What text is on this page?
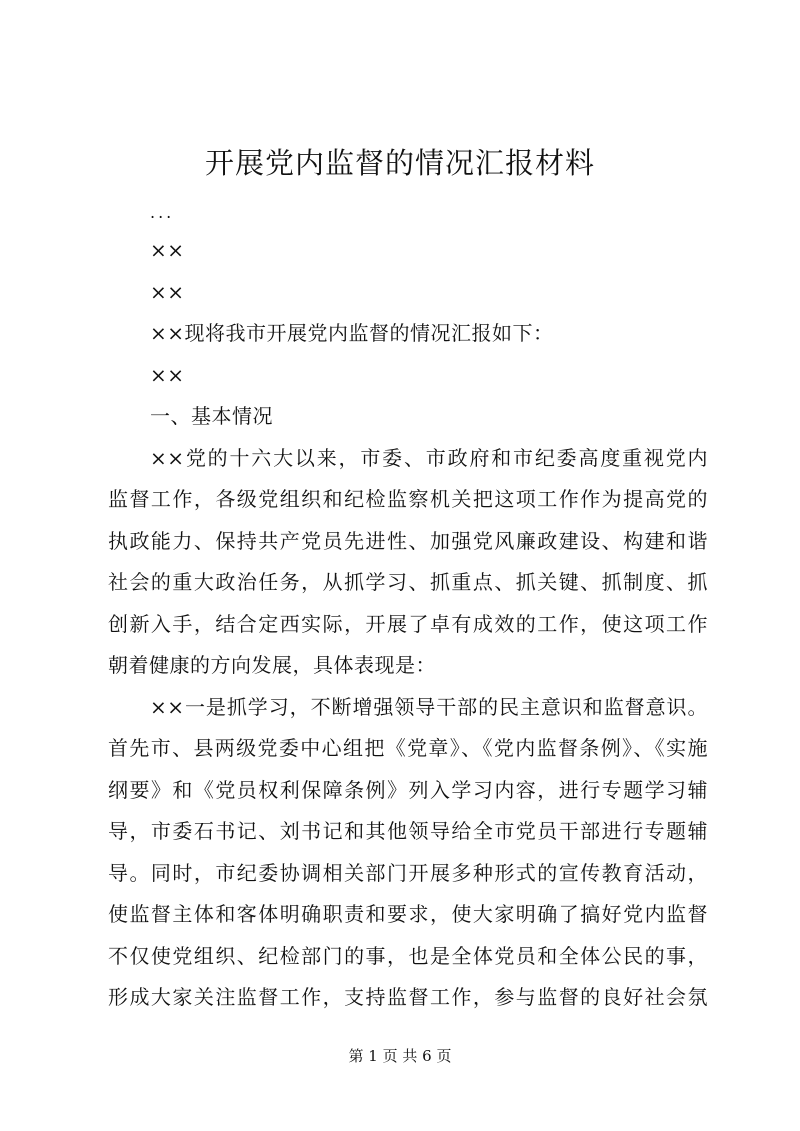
开展党内监督的情况汇报材料

...

××

××

××现将我市开展党内监督的情况汇报如下：

××

一、基本情况

××党的十六大以来，市委、市政府和市纪委高度重视党内

监督工作，各级党组织和纪检监察机关把这项工作作为提高党的

执政能力、保持共产党员先进性、加强党风廉政建设、构建和谐

社会的重大政治任务，从抓学习、抓重点、抓关键、抓制度、抓

创新入手，结合定西实际，开展了卓有成效的工作，使这项工作

朝着健康的方向发展，具体表现是：

××一是抓学习，不断增强领导干部的民主意识和监督意识。

首先市、县两级党委中心组把《党章》、《党内监督条例》、《实施

纲要》和《党员权利保障条例》列入学习内容，进行专题学习辅

导，市委石书记、刘书记和其他领导给全市党员干部进行专题辅

导。同时，市纪委协调相关部门开展多种形式的宣传教育活动，

使监督主体和客体明确职责和要求，使大家明确了搞好党内监督

不仅使党组织、纪检部门的事，也是全体党员和全体公民的事，

形成大家关注监督工作，支持监督工作，参与监督的良好社会氛

第 1 页 共 6 页
